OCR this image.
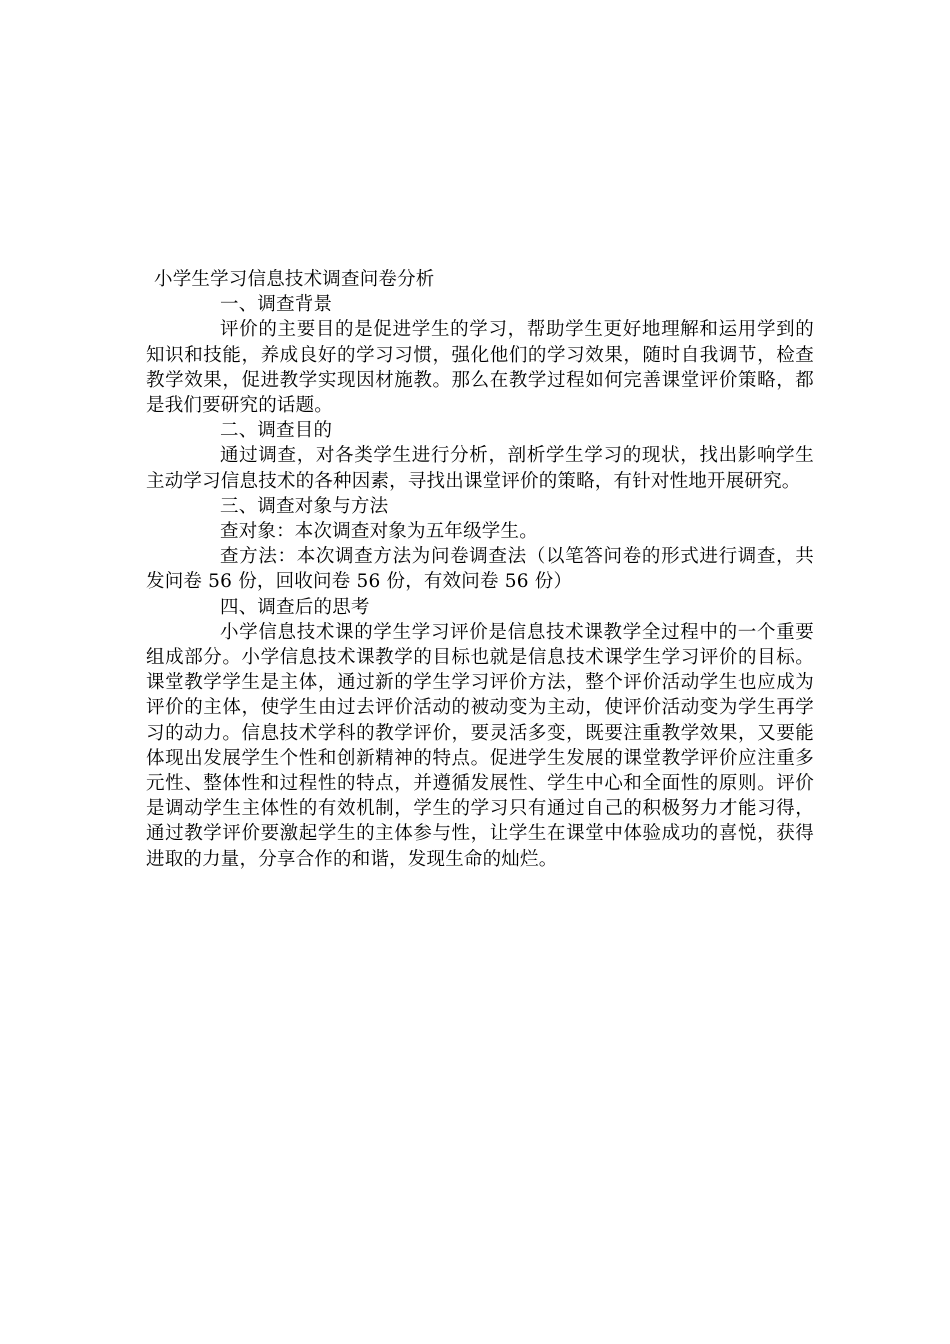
小学生学习信息技术调查问卷分析
一、调查背景

评价的主要目的是促进学生的学习，帮助学生更好地理解和运用学到的知识和技能，养成良好的学习习惯，强化他们的学习效果，随时自我调节，检查教学效果，促进教学实现因材施教。那么在教学过程如何完善课堂评价策略，都是我们要研究的话题。

二、调查目的

通过调查，对各类学生进行分析，剖析学生学习的现状，找出影响学生主动学习信息技术的各种因素，寻找出课堂评价的策略，有针对性地开展研究。

三、调查对象与方法

查对象：本次调查对象为五年级学生。

查方法：本次调查方法为问卷调查法（以笔答问卷的形式进行调查，共发问卷 56 份，回收问卷 56 份，有效问卷 56 份）

四、调查后的思考

小学信息技术课的学生学习评价是信息技术课教学全过程中的一个重要组成部分。小学信息技术课教学的目标也就是信息技术课学生学习评价的目标。课堂教学学生是主体，通过新的学生学习评价方法，整个评价活动学生也应成为评价的主体，使学生由过去评价活动的被动变为主动，使评价活动变为学生再学习的动力。信息技术学科的教学评价，要灵活多变，既要注重教学效果，又要能体现出发展学生个性和创新精神的特点。促进学生发展的课堂教学评价应注重多元性、整体性和过程性的特点，并遵循发展性、学生中心和全面性的原则。评价是调动学生主体性的有效机制，学生的学习只有通过自己的积极努力才能习得，通过教学评价要激起学生的主体参与性，让学生在课堂中体验成功的喜悦，获得进取的力量，分享合作的和谐，发现生命的灿烂。
